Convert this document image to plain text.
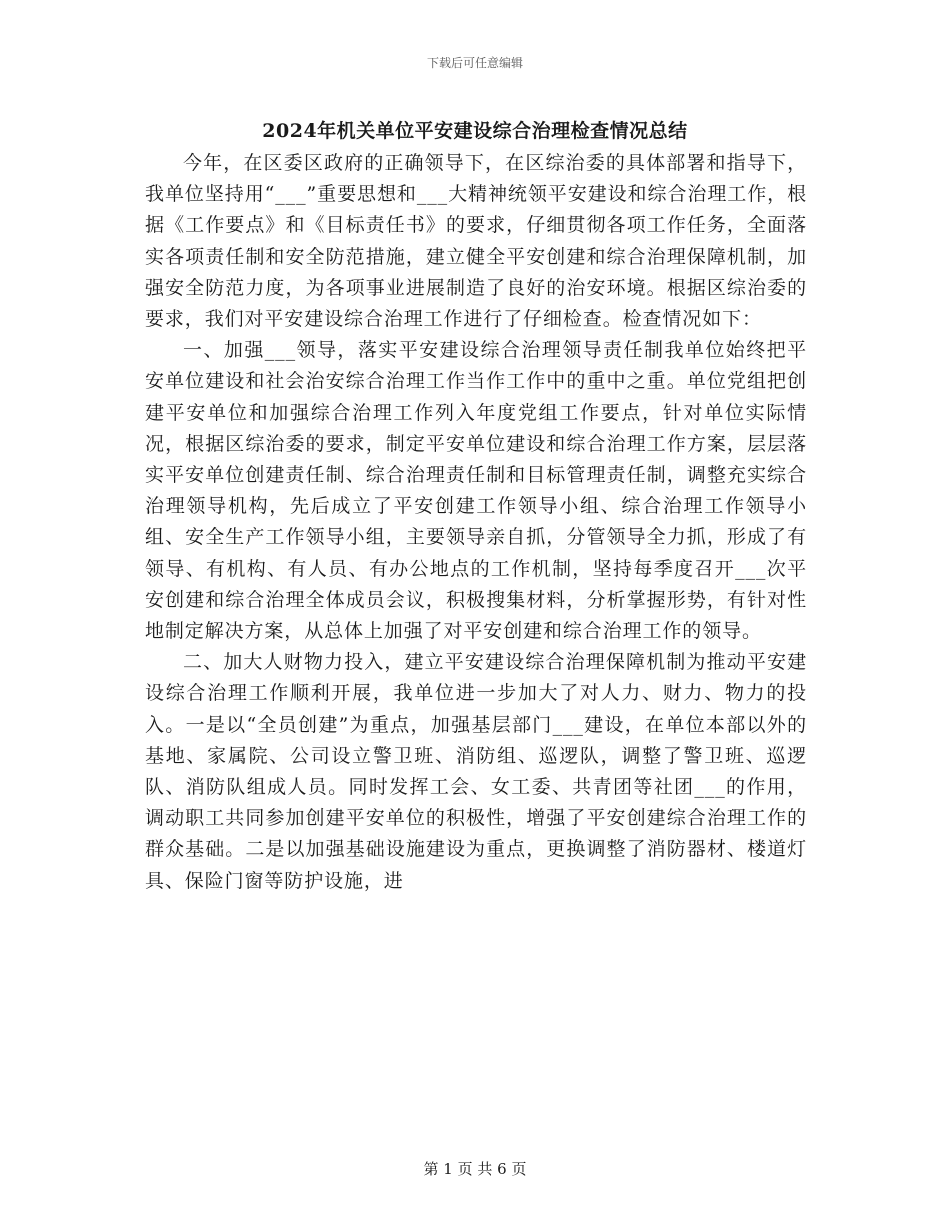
下载后可任意编辑
2024年机关单位平安建设综合治理检查情况总结

今年，在区委区政府的正确领导下，在区综治委的具体部署和指导下，我单位坚持用“___”重要思想和___大精神统领平安建设和综合治理工作，根据《工作要点》和《目标责任书》的要求，仔细贯彻各项工作任务，全面落实各项责任制和安全防范措施，建立健全平安创建和综合治理保障机制，加强安全防范力度，为各项事业进展制造了良好的治安环境。根据区综治委的要求，我们对平安建设综合治理工作进行了仔细检查。检查情况如下：

一、加强___领导，落实平安建设综合治理领导责任制我单位始终把平安单位建设和社会治安综合治理工作当作工作中的重中之重。单位党组把创建平安单位和加强综合治理工作列入年度党组工作要点，针对单位实际情况，根据区综治委的要求，制定平安单位建设和综合治理工作方案，层层落实平安单位创建责任制、综合治理责任制和目标管理责任制，调整充实综合治理领导机构，先后成立了平安创建工作领导小组、综合治理工作领导小组、安全生产工作领导小组，主要领导亲自抓，分管领导全力抓，形成了有领导、有机构、有人员、有办公地点的工作机制，坚持每季度召开___次平安创建和综合治理全体成员会议，积极搜集材料，分析掌握形势，有针对性地制定解决方案，从总体上加强了对平安创建和综合治理工作的领导。

二、加大人财物力投入，建立平安建设综合治理保障机制为推动平安建设综合治理工作顺利开展，我单位进一步加大了对人力、财力、物力的投入。一是以“全员创建”为重点，加强基层部门___建设，在单位本部以外的基地、家属院、公司设立警卫班、消防组、巡逻队，调整了警卫班、巡逻队、消防队组成人员。同时发挥工会、女工委、共青团等社团___的作用，调动职工共同参加创建平安单位的积极性，增强了平安创建综合治理工作的群众基础。二是以加强基础设施建设为重点，更换调整了消防器材、楼道灯具、保险门窗等防护设施，进

第 1 页 共 6 页
